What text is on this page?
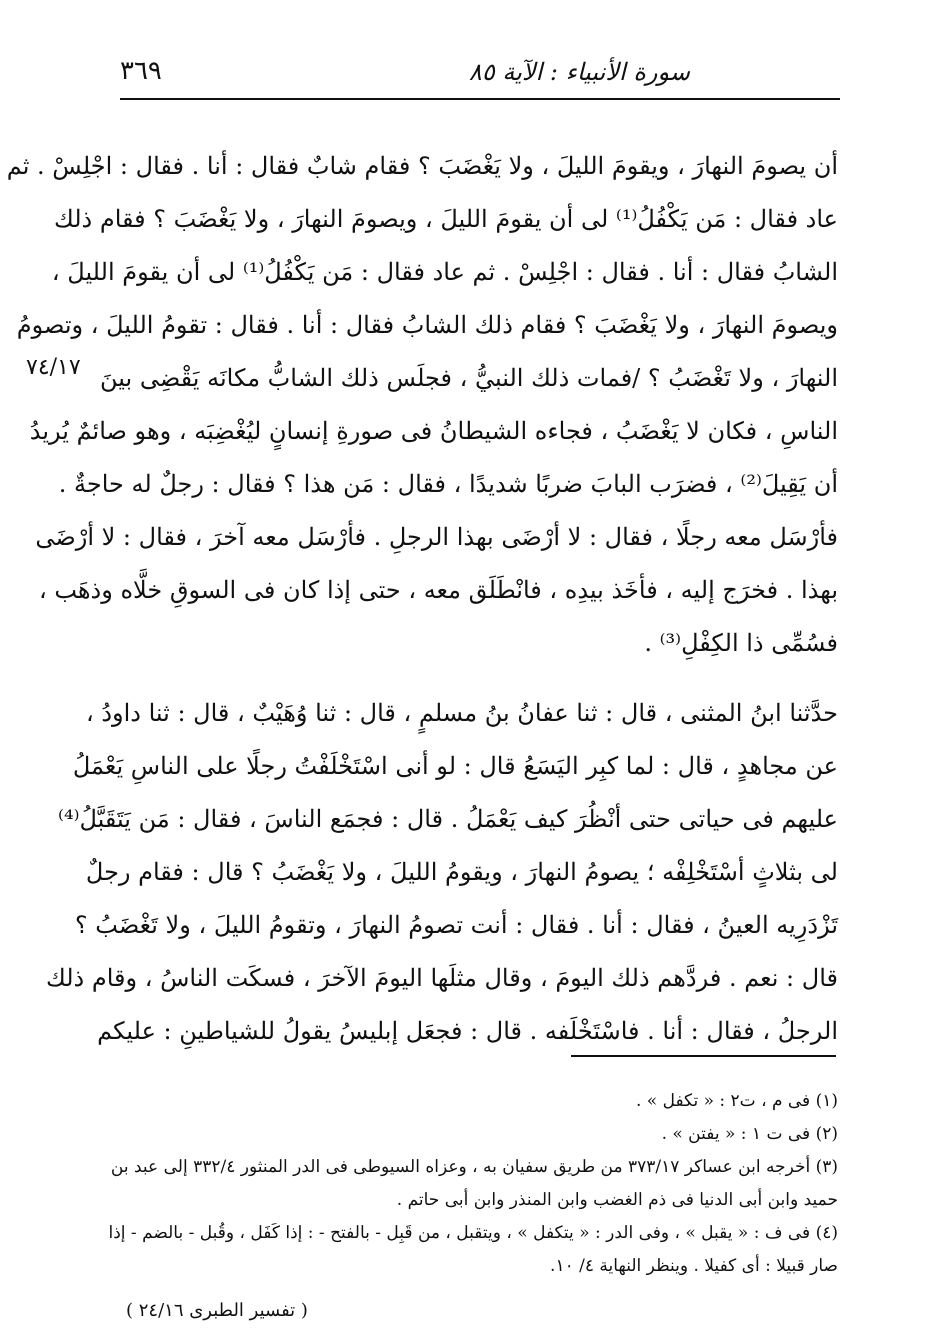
سورة الأنبياء : الآية ٨٥
٣٦٩
٧٤/١٧
أن يصومَ النهارَ ، ويقومَ الليلَ ، ولا يَغْضَبَ ؟ فقام شابٌ فقال : أنا . فقال : اجْلِسْ . ثم
عاد فقال : مَن يَكْفُلُ⁽¹⁾ لى أن يقومَ الليلَ ، ويصومَ النهارَ ، ولا يَغْضَبَ ؟ فقام ذلك
الشابُ فقال : أنا . فقال : اجْلِسْ . ثم عاد فقال : مَن يَكْفُلُ⁽¹⁾ لى أن يقومَ الليلَ ،
ويصومَ النهارَ ، ولا يَغْضَبَ ؟ فقام ذلك الشابُ فقال : أنا . فقال : تقومُ الليلَ ، وتصومُ
النهارَ ، ولا تَغْضَبُ ؟ /فمات ذلك النبيُّ ، فجلَس ذلك الشابُّ مكانَه يَقْضِى بينَ
الناسِ ، فكان لا يَغْضَبُ ، فجاءه الشيطانُ فى صورةِ إنسانٍ ليُغْضِبَه ، وهو صائمٌ يُريدُ
أن يَقِيلَ⁽²⁾ ، فضرَب البابَ ضربًا شديدًا ، فقال : مَن هذا ؟ فقال : رجلٌ له حاجةٌ .
فأرْسَل معه رجلًا ، فقال : لا أرْضَى بهذا الرجلِ . فأرْسَل معه آخرَ ، فقال : لا أرْضَى
بهذا . فخرَج إليه ، فأخَذ بيدِه ، فانْطَلَق معه ، حتى إذا كان فى السوقِ خلَّاه وذهَب ،
فسُمِّى ذا الكِفْلِ⁽³⁾ .
حدَّثنا ابنُ المثنى ، قال : ثنا عفانُ بنُ مسلمٍ ، قال : ثنا وُهَيْبٌ ، قال : ثنا داودُ ،
عن مجاهدٍ ، قال : لما كبِر اليَسَعُ قال : لو أنى اسْتَخْلَفْتُ رجلًا على الناسِ يَعْمَلُ
عليهم فى حياتى حتى أنْظُرَ كيف يَعْمَلُ . قال : فجمَع الناسَ ، فقال : مَن يَتَقَبَّلُ⁽⁴⁾
لى بثلاثٍ أسْتَخْلِفْه ؛ يصومُ النهارَ ، ويقومُ الليلَ ، ولا يَغْضَبُ ؟ قال : فقام رجلٌ
تَزْدَرِيه العينُ ، فقال : أنا . فقال : أنت تصومُ النهارَ ، وتقومُ الليلَ ، ولا تَغْضَبُ ؟
قال : نعم . فردَّهم ذلك اليومَ ، وقال مثلَها اليومَ الآخرَ ، فسكَت الناسُ ، وقام ذلك
الرجلُ ، فقال : أنا . فاسْتَخْلَفه . قال : فجعَل إبليسُ يقولُ للشياطينِ : عليكم
(١) فى م ، ت٢ : « تكفل » .
(٢) فى ت ١ : « يفتن » .
(٣) أخرجه ابن عساكر ٣٧٣/١٧ من طريق سفيان به ، وعزاه السيوطى فى الدر المنثور ٣٣٢/٤ إلى عبد بن
حميد وابن أبى الدنيا فى ذم الغضب وابن المنذر وابن أبى حاتم .
(٤) فى ف : « يقبل » ، وفى الدر : « يتكفل » ، ويتقبل ، من قَبِل - بالفتح - : إذا كَفَل ، وقُبل - بالضم - إذا
صار قبيلا : أى كفيلا . وينظر النهاية ٤/ ١٠.
( تفسير الطبرى ٢٤/١٦ )
